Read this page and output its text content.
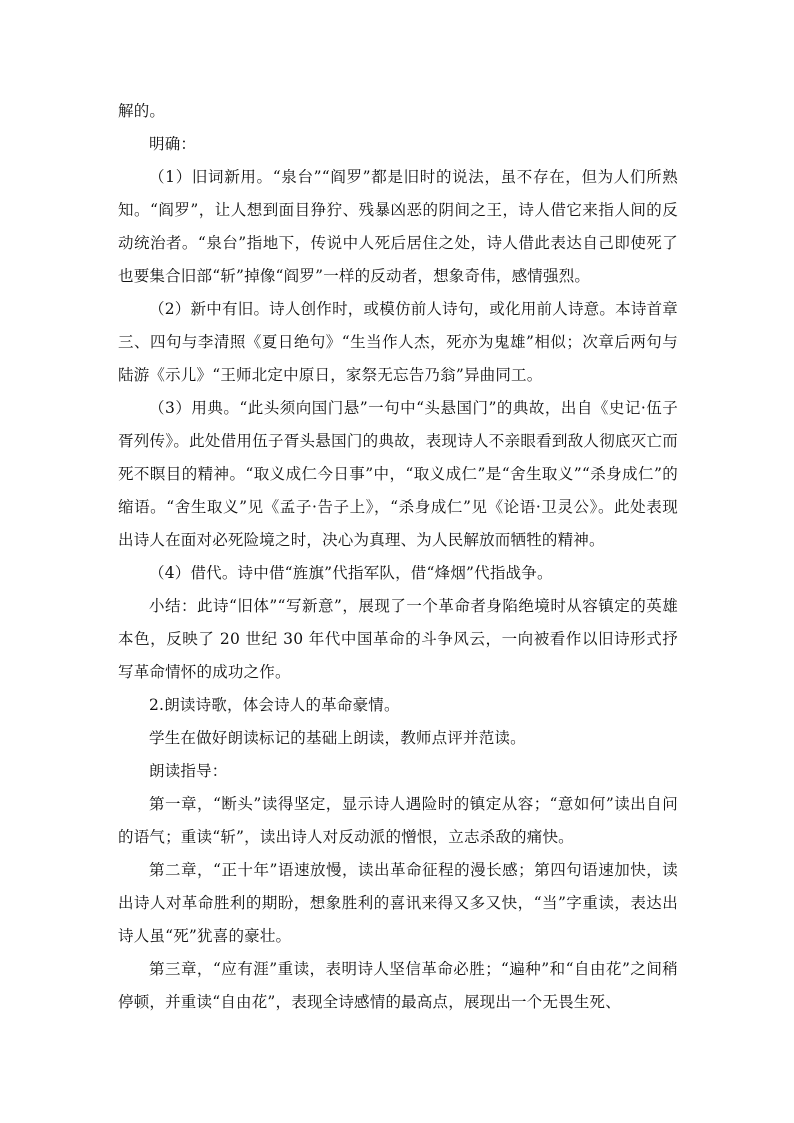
解的。

明确：

（1）旧词新用。“泉台”“阎罗”都是旧时的说法，虽不存在，但为人们所熟知。“阎罗”，让人想到面目狰狞、残暴凶恶的阴间之王，诗人借它来指人间的反动统治者。“泉台”指地下，传说中人死后居住之处，诗人借此表达自己即使死了也要集合旧部“斩”掉像“阎罗”一样的反动者，想象奇伟，感情强烈。

（2）新中有旧。诗人创作时，或模仿前人诗句，或化用前人诗意。本诗首章三、四句与李清照《夏日绝句》“生当作人杰，死亦为鬼雄”相似；次章后两句与陆游《示儿》“王师北定中原日，家祭无忘告乃翁”异曲同工。

（3）用典。“此头须向国门悬”一句中“头悬国门”的典故，出自《史记·伍子胥列传》。此处借用伍子胥头悬国门的典故，表现诗人不亲眼看到敌人彻底灭亡而死不瞑目的精神。“取义成仁今日事”中，“取义成仁”是“舍生取义”“杀身成仁”的缩语。“舍生取义”见《孟子·告子上》，“杀身成仁”见《论语·卫灵公》。此处表现出诗人在面对必死险境之时，决心为真理、为人民解放而牺牲的精神。

（4）借代。诗中借“旌旗”代指军队，借“烽烟”代指战争。

小结：此诗“旧体”“写新意”，展现了一个革命者身陷绝境时从容镇定的英雄本色，反映了 20 世纪 30 年代中国革命的斗争风云，一向被看作以旧诗形式抒写革命情怀的成功之作。

2.朗读诗歌，体会诗人的革命豪情。

学生在做好朗读标记的基础上朗读，教师点评并范读。

朗读指导：

第一章，“断头”读得坚定，显示诗人遇险时的镇定从容；“意如何”读出自问的语气；重读“斩”，读出诗人对反动派的憎恨，立志杀敌的痛快。

第二章，“正十年”语速放慢，读出革命征程的漫长感；第四句语速加快，读出诗人对革命胜利的期盼，想象胜利的喜讯来得又多又快，“当”字重读，表达出诗人虽“死”犹喜的豪壮。

第三章，“应有涯”重读，表明诗人坚信革命必胜；“遍种”和“自由花”之间稍停顿，并重读“自由花”，表现全诗感情的最高点，展现出一个无畏生死、
